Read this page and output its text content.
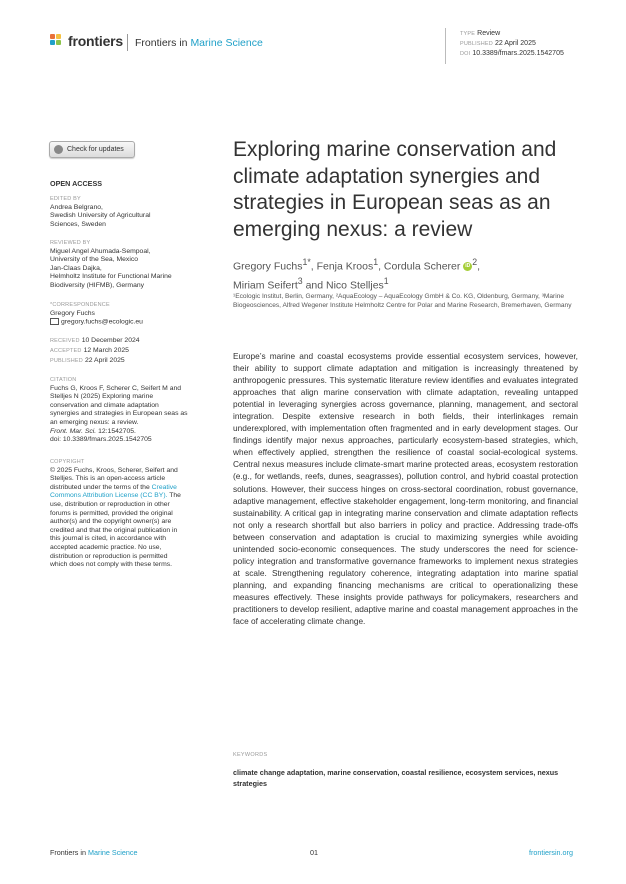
frontiers Frontiers in Marine Science
TYPE Review
PUBLISHED 22 April 2025
DOI 10.3389/fmars.2025.1542705
Check for updates
OPEN ACCESS
EDITED BY
Andrea Belgrano,
Swedish University of Agricultural
Sciences, Sweden
REVIEWED BY
Miguel Angel Ahumada-Sempoal,
University of the Sea, Mexico
Jan-Claas Dajka,
Helmholtz Institute for Functional Marine
Biodiversity (HIFMB), Germany
*CORRESPONDENCE
Gregory Fuchs
gregory.fuchs@ecologic.eu
RECEIVED 10 December 2024
ACCEPTED 12 March 2025
PUBLISHED 22 April 2025
CITATION
Fuchs G, Kroos F, Scherer C, Seifert M and
Stelljes N (2025) Exploring marine
conservation and climate adaptation
synergies and strategies in European seas as
an emerging nexus: a review.
Front. Mar. Sci. 12:1542705.
doi: 10.3389/fmars.2025.1542705
COPYRIGHT
© 2025 Fuchs, Kroos, Scherer, Seifert and
Stelljes. This is an open-access article
distributed under the terms of the Creative
Commons Attribution License (CC BY). The
use, distribution or reproduction in other
forums is permitted, provided the original
author(s) and the copyright owner(s) are
credited and that the original publication in
this journal is cited, in accordance with
accepted academic practice. No use,
distribution or reproduction is permitted
which does not comply with these terms.
Exploring marine conservation and climate adaptation synergies and strategies in European seas as an emerging nexus: a review
Gregory Fuchs$^{1*}$, Fenja Kroos$^1$, Cordula Scherer iD $^2$,
Miriam Seifert$^3$ and Nico Stelljes$^1$
¹Ecologic Institut, Berlin, Germany, ²AquaEcology – AquaEcology GmbH & Co. KG, Oldenburg, Germany, ³Marine Biogeosciences, Alfred Wegener Institute Helmholtz Centre for Polar and Marine Research, Bremerhaven, Germany

Europe’s marine and coastal ecosystems provide essential ecosystem services, however, their ability to support climate adaptation and mitigation is increasingly threatened by anthropogenic pressures. This systematic literature review identifies and evaluates integrated approaches that align marine conservation with climate adaptation, revealing untapped potential in leveraging synergies across governance, planning, management, and sectoral integration. Despite extensive research in both fields, their interlinkages remain underexplored, with implementation often fragmented and in early development stages. Our findings identify major nexus approaches, particularly ecosystem-based strategies, which, when effectively applied, strengthen the resilience of coastal social-ecological systems. Central nexus measures include climate-smart marine protected areas, ecosystem restoration (e.g., for wetlands, reefs, dunes, seagrasses), pollution control, and hybrid coastal protection solutions. However, their success hinges on cross-sectoral coordination, robust governance, adaptive management, effective stakeholder engagement, long-term monitoring, and financial sustainability. A critical gap in integrating marine conservation and climate adaptation reflects not only a research shortfall but also barriers in policy and practice. Addressing trade-offs between conservation and adaptation is crucial to maximizing synergies while avoiding unintended socio-economic consequences. The study underscores the need for science-policy integration and transformative governance frameworks to implement nexus strategies at scale. Strengthening regulatory coherence, integrating adaptation into marine spatial planning, and expanding financing mechanisms are critical to operationalizing these measures effectively. These insights provide pathways for policymakers, researchers and practitioners to develop resilient, adaptive marine and coastal management approaches in the face of accelerating climate change.

KEYWORDS
climate change adaptation, marine conservation, coastal resilience, ecosystem services, nexus strategies
Frontiers in Marine Science	01	frontiersin.org
